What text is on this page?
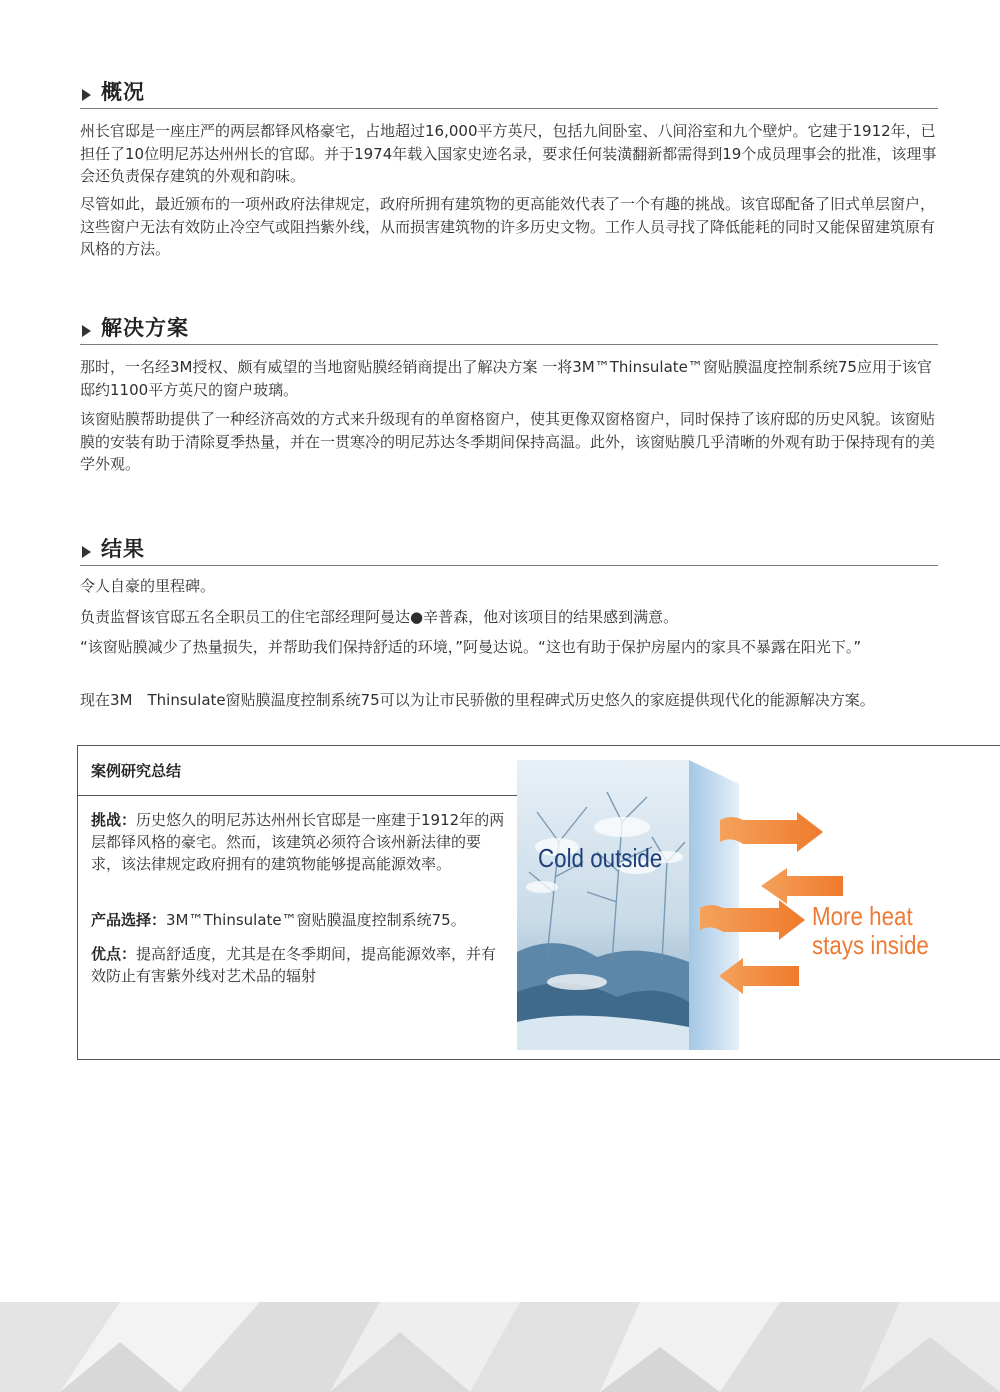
概况

州长官邸是一座庄严的两层都铎风格豪宅，占地超过16,000平方英尺，包括九间卧室、八间浴室和九个壁炉。它建于1912年，已担任了10位明尼苏达州州长的官邸。并于1974年载入国家史迹名录，要求任何装潢翻新都需得到19个成员理事会的批准，该理事会还负责保存建筑的外观和韵味。

尽管如此，最近颁布的一项州政府法律规定，政府所拥有建筑物的更高能效代表了一个有趣的挑战。该官邸配备了旧式单层窗户，这些窗户无法有效防止冷空气或阻挡紫外线，从而损害建筑物的许多历史文物。工作人员寻找了降低能耗的同时又能保留建筑原有风格的方法。

解决方案

那时，一名经3M授权、颇有威望的当地窗贴膜经销商提出了解决方案 一将3M™Thinsulate™窗贴膜温度控制系统75应用于该官邸约1100平方英尺的窗户玻璃。

该窗贴膜帮助提供了一种经济高效的方式来升级现有的单窗格窗户，使其更像双窗格窗户，同时保持了该府邸的历史风貌。该窗贴膜的安装有助于清除夏季热量，并在一贯寒冷的明尼苏达冬季期间保持高温。此外，该窗贴膜几乎清晰的外观有助于保持现有的美学外观。

结果

令人自豪的里程碑。

负责监督该官邸五名全职员工的住宅部经理阿曼达●辛普森，他对该项目的结果感到满意。

“该窗贴膜减少了热量损失，并帮助我们保持舒适的环境，”阿曼达说。“这也有助于保护房屋内的家具不暴露在阳光下。”

现在3M　Thinsulate窗贴膜温度控制系统75可以为让市民骄傲的里程碑式历史悠久的家庭提供现代化的能源解决方案。

案例研究总结

挑战：历史悠久的明尼苏达州州长官邸是一座建于1912年的两层都铎风格的豪宅。然而，该建筑必须符合该州新法律的要求，该法律规定政府拥有的建筑物能够提高能源效率。

产品选择：3M™Thinsulate™窗贴膜温度控制系统75。

优点：提高舒适度，尤其是在冬季期间，提高能源效率，并有效防止有害紫外线对艺术品的辐射

Cold outside
More heat
stays inside
